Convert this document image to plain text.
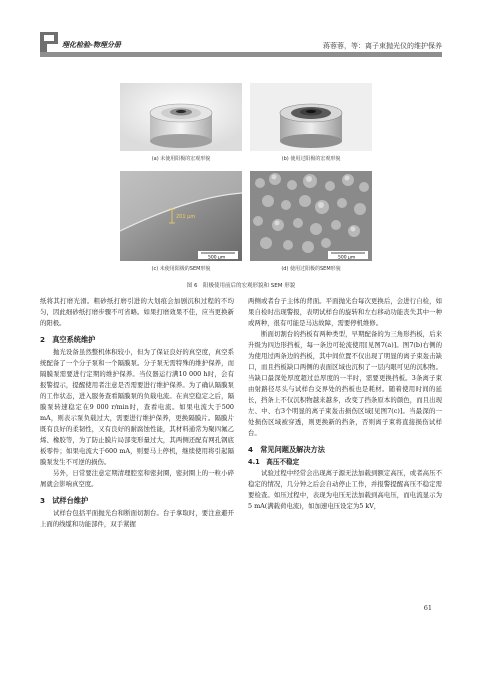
理化检验-物理分册	蒋蓉蓉，等：离子束抛光仪的维护保养
201 μm
500 μm	500 μm
(a) 未使用阳极的宏观形貌	(b) 使用过阳极的宏观形貌
(c) 未使用阳极的SEM形貌	(d) 使用过阳极的SEM形貌
图 6　阳极使用前后的宏观形貌和 SEM 形貌

纸将其打磨光滑。粗砂纸打磨引进的大划痕会加剧沉积过程的不均匀，因此细砂纸打磨步骤不可省略。如果打磨效果不佳，应当更换新的阳极。

2　真空系统维护

抛光设备虽然整机体积较小，但为了保证良好的真空度，真空系统配备了一个分子泵和一个隔膜泵。分子泵无需特殊的维护保养，而隔膜泵需要进行定期的维护保养。当仪器运行满10 000 h时，会有报警提示，提醒使用者注意是否需要进行维护保养。为了确认隔膜泵的工作状态，进入服务查看隔膜泵的负载电流。在真空稳定之后，隔膜泵转速稳定在9 000 r/min时，查看电流。如果电流大于500 mA，则表示泵负载过大，需要进行维护保养，更换隔膜片。隔膜片既有良好的柔韧性，又有良好的耐腐蚀性能，其材料通常为聚四氟乙烯、橡胶等，为了防止膜片局部变形量过大，其两侧还配有网孔钢底板零件；如果电流大于600 mA，则要马上停机，继续使用将引起隔膜泵发生不可逆的损伤。

另外，日常要注意定期清理腔室和密封圈，密封圈上的一粒小碎屑就会影响真空度。

3　试样台维护

试样台包括平面抛光台和断面切割台。台子拿取时，要注意避开上面的线缆和功能部件，双手紧握

两侧或者台子主体的背面。平面抛光台每次更换后，会进行自检，如果自检时出现警报，表明试样台的旋转和左右移动功能丧失其中一种或两种，很有可能是马达故障，需要停机维修。

断面切割台的挡板有两种类型，早期配备的为三角形挡板，后来升级为四边形挡板，每一条边可轮流使用[见图7(a)]。图7(b)右侧的为使用过两条边的挡板，其中间位置不仅出现了明显的离子束轰击缺口，而且挡板缺口两侧的表面区域也沉积了一层内眼可见的沉积物。当缺口最深处厚度超过总厚度的一半时，需要更换挡板。3条离子束由射路径尽头与试样台交界处的挡板也是耗材。随着使用时间的延长，挡条上不仅沉积物越来越多，改变了挡条原本的颜色，而且出现左、中、右3个明显的离子束轰击损伤区域[见图7(c)]。当最深的一处损伤区域被穿透，则更换新的挡条，否则离子束将直接损伤试样台。

4　常见问题及解决方法
4.1　高压不稳定

试验过程中经常会出现离子源无法加载到额定高压，或者高压不稳定的情况，几分钟之后会自动停止工作，并报警提醒高压不稳定需要检查。如压过程中，表现为电压无法加载到高电压，而电流显示为5 mA(满载荷电流)，如加速电压设定为5 kV，

61
